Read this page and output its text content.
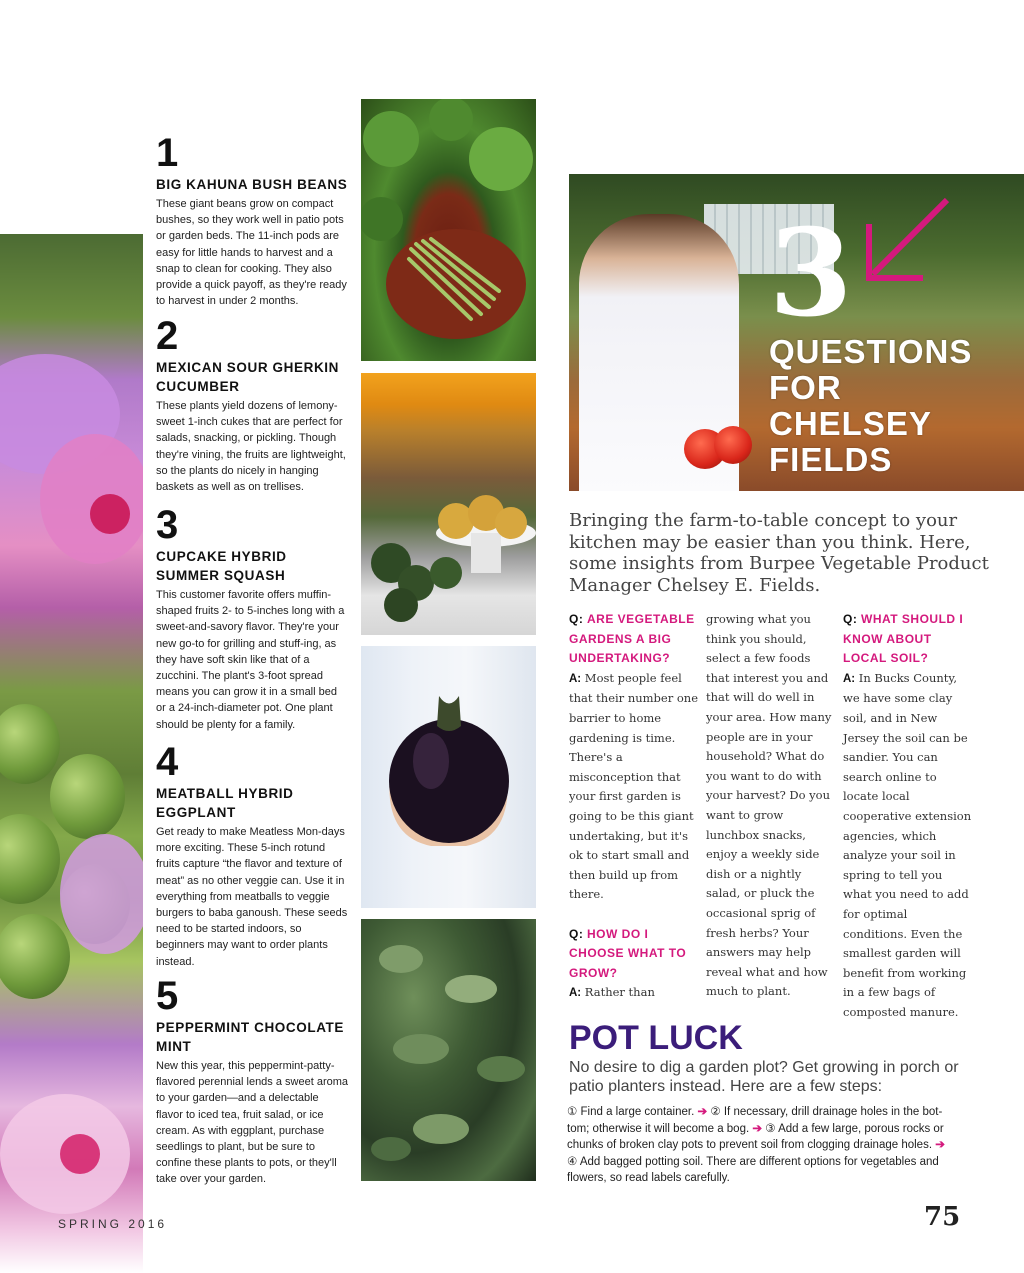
1
BIG KAHUNA BUSH BEANS
These giant beans grow on compact bushes, so they work well in patio pots or garden beds. The 11-inch pods are easy for little hands to harvest and a snap to clean for cooking. They also provide a quick payoff, as they're ready to harvest in under 2 months.
2
MEXICAN SOUR GHERKIN CUCUMBER
These plants yield dozens of lemony-sweet 1-inch cukes that are perfect for salads, snacking, or pickling. Though they're vining, the fruits are lightweight, so the plants do nicely in hanging baskets as well as on trellises.
3
CUPCAKE HYBRID SUMMER SQUASH
This customer favorite offers muffin-shaped fruits 2- to 5-inches long with a sweet-and-savory flavor. They're your new go-to for grilling and stuff-ing, as they have soft skin like that of a zucchini. The plant's 3-foot spread means you can grow it in a small bed or a 24-inch-diameter pot. One plant should be plenty for a family.
4
MEATBALL HYBRID EGGPLANT
Get ready to make Meatless Mon-days more exciting. These 5-inch rotund fruits capture “the flavor and texture of meat” as no other veggie can. Use it in everything from meatballs to veggie burgers to baba ganoush. These seeds need to be started indoors, so beginners may want to order plants instead.
5
PEPPERMINT CHOCOLATE MINT
New this year, this peppermint-patty-flavored perennial lends a sweet aroma to your garden—and a delectable flavor to iced tea, fruit salad, or ice cream. As with eggplant, purchase seedlings to plant, but be sure to confine these plants to pots, or they'll take over your garden.
3
QUESTIONS
FOR
CHELSEY
FIELDS
Bringing the farm-to-table concept to your kitchen may be easier than you think. Here, some insights from Burpee Vegetable Product Manager Chelsey E. Fields.
Q: ARE VEGETABLE GARDENS A BIG UNDERTAKING?
A: Most people feel that their number one barrier to home gardening is time. There's a misconception that your first garden is going to be this giant undertaking, but it's ok to start small and then build up from there.
Q: HOW DO I CHOOSE WHAT TO GROW?
A: Rather than
growing what you think you should, select a few foods that interest you and that will do well in your area. How many people are in your household? What do you want to do with your harvest? Do you want to grow lunchbox snacks, enjoy a weekly side dish or a nightly salad, or pluck the occasional sprig of fresh herbs? Your answers may help reveal what and how much to plant.
Q: WHAT SHOULD I KNOW ABOUT LOCAL SOIL?
A: In Bucks County, we have some clay soil, and in New Jersey the soil can be sandier. You can search online to locate local cooperative extension agencies, which analyze your soil in spring to tell you what you need to add for optimal conditions. Even the smallest garden will benefit from working in a few bags of composted manure.
POT LUCK
No desire to dig a garden plot? Get growing in porch or patio planters instead. Here are a few steps:
① Find a large container. ➔ ② If necessary, drill drainage holes in the bot-tom; otherwise it will become a bog. ➔ ③ Add a few large, porous rocks or chunks of broken clay pots to prevent soil from clogging drainage holes. ➔ ④ Add bagged potting soil. There are different options for vegetables and flowers, so read labels carefully.
SPRING 2016	75
